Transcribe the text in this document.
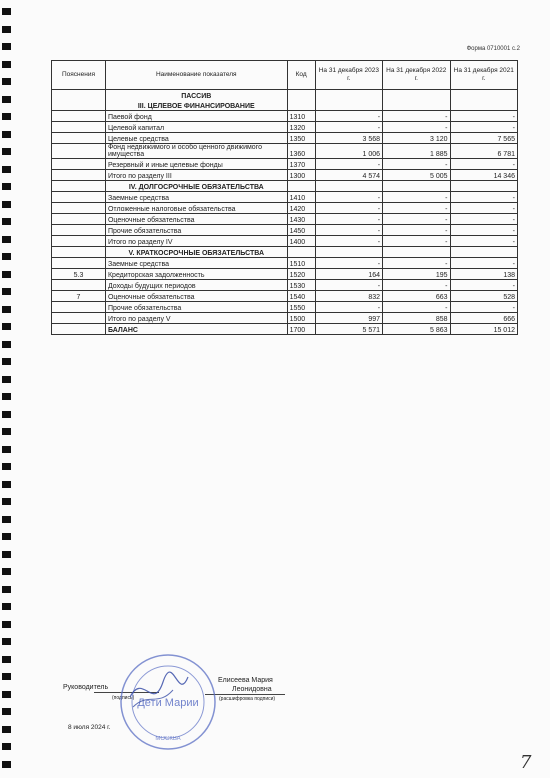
Форма 0710001 с.2
Пояснения	Наименование показателя	Код	На 31 декабря 2023 г.	На 31 декабря 2022 г.	На 31 декабря 2021 г.
	ПАССИВ				
	III. ЦЕЛЕВОЕ ФИНАНСИРОВАНИЕ				
	Паевой фонд	1310	-	-	-
	Целевой капитал	1320	-	-	-
	Целевые средства	1350	3 568	3 120	7 565
	Фонд недвижимого и особо ценного движимого имущества	1360	1 006	1 885	6 781
	Резервный и иные целевые фонды	1370	-	-	-
	Итого по разделу III	1300	4 574	5 005	14 346
	IV. ДОЛГОСРОЧНЫЕ ОБЯЗАТЕЛЬСТВА				
	Заемные средства	1410	-	-	-
	Отложенные налоговые обязательства	1420	-	-	-
	Оценочные обязательства	1430	-	-	-
	Прочие обязательства	1450	-	-	-
	Итого по разделу IV	1400	-	-	-
	V. КРАТКОСРОЧНЫЕ ОБЯЗАТЕЛЬСТВА				
	Заемные средства	1510	-	-	-
5.3	Кредиторская задолженность	1520	164	195	138
	Доходы будущих периодов	1530	-	-	-
7	Оценочные обязательства	1540	832	663	528
	Прочие обязательства	1550	-	-	-
	Итого по разделу V	1500	997	858	666
	БАЛАНС	1700	5 571	5 863	15 012
Руководитель
(подпись)
Елисеева Мария
Леонидовна
(расшифровка подписи)
8 июля 2024 г.
Дети Марии
МОСКВА
7
